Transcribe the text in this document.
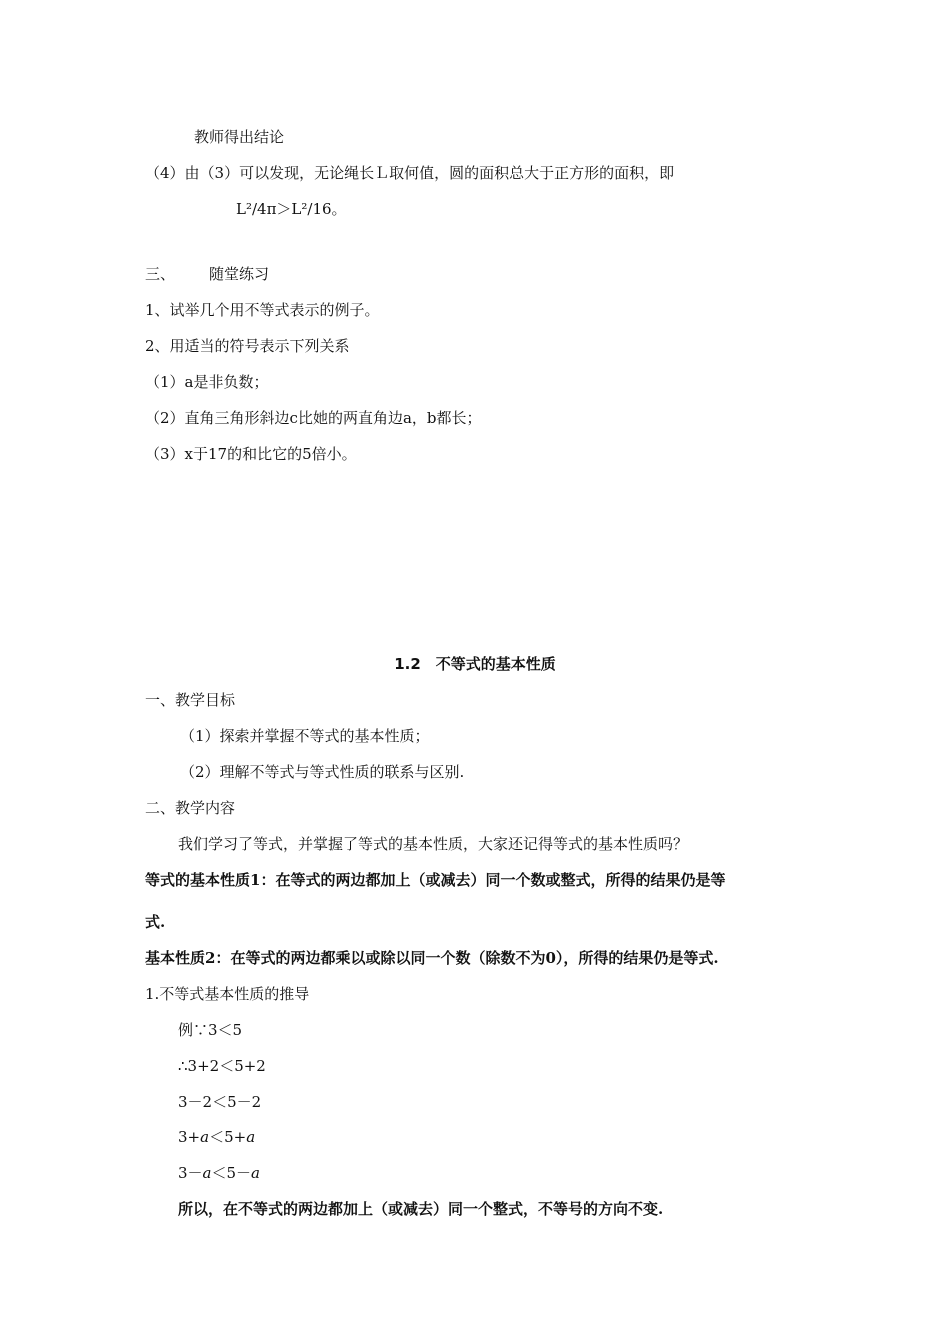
教师得出结论
（4）由（3）可以发现，无论绳长Ｌ取何值，圆的面积总大于正方形的面积，即
L²/4π＞L²/16。
三、 随堂练习
1、试举几个用不等式表示的例子。
2、用适当的符号表示下列关系
（1）a是非负数；
（2）直角三角形斜边c比她的两直角边a，b都长；
（3）x于17的和比它的5倍小。
1.2　不等式的基本性质
一、教学目标
（1）探索并掌握不等式的基本性质；
（2）理解不等式与等式性质的联系与区别.
二、教学内容
我们学习了等式，并掌握了等式的基本性质，大家还记得等式的基本性质吗？
等式的基本性质1：在等式的两边都加上（或减去）同一个数或整式，所得的结果仍是等
式.
基本性质2：在等式的两边都乘以或除以同一个数（除数不为0），所得的结果仍是等式.
1.不等式基本性质的推导
例∵3＜5
∴3+2＜5+2
3－2＜5－2
3+a＜5+a
3－a＜5－a
所以，在不等式的两边都加上（或减去）同一个整式，不等号的方向不变.
